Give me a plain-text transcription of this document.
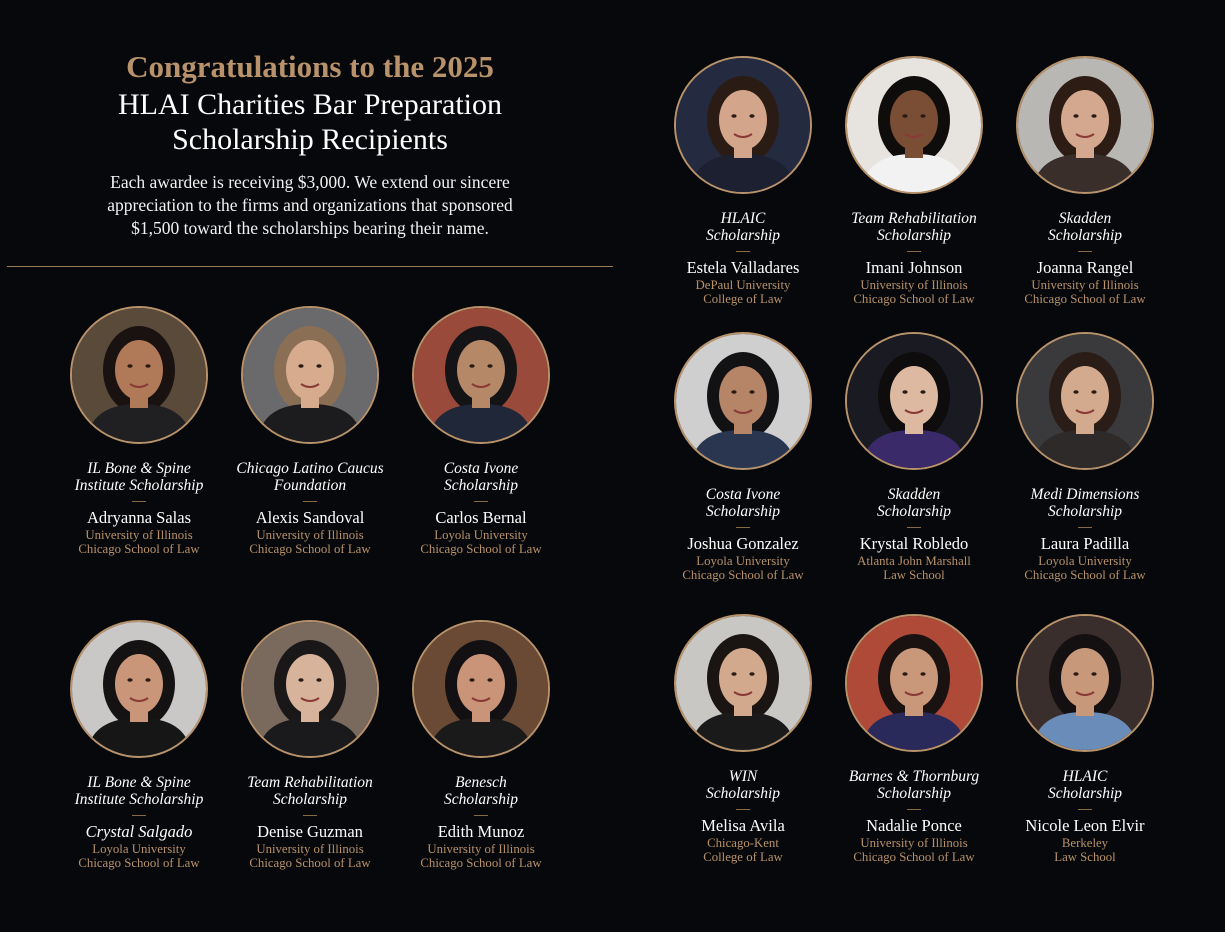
Congratulations to the 2025
HLAI Charities Bar Preparation
Scholarship Recipients
Each awardee is receiving $3,000. We extend our sincere
appreciation to the firms and organizations that sponsored
$1,500 toward the scholarships bearing their name.
IL Bone & Spine
Institute Scholarship
Adryanna Salas
University of Illinois
Chicago School of Law
Chicago Latino Caucus
Foundation
Alexis Sandoval
University of Illinois
Chicago School of Law
Costa Ivone
Scholarship
Carlos Bernal
Loyola University
Chicago School of Law
IL Bone & Spine
Institute Scholarship
Crystal Salgado
Loyola University
Chicago School of Law
Team Rehabilitation
Scholarship
Denise Guzman
University of Illinois
Chicago School of Law
Benesch
Scholarship
Edith Munoz
University of Illinois
Chicago School of Law
HLAIC
Scholarship
Estela Valladares
DePaul University
College of Law
Team Rehabilitation
Scholarship
Imani Johnson
University of Illinois
Chicago School of Law
Skadden
Scholarship
Joanna Rangel
University of Illinois
Chicago School of Law
Costa Ivone
Scholarship
Joshua Gonzalez
Loyola University
Chicago School of Law
Skadden
Scholarship
Krystal Robledo
Atlanta John Marshall
Law School
Medi Dimensions
Scholarship
Laura Padilla
Loyola University
Chicago School of Law
WIN
Scholarship
Melisa Avila
Chicago-Kent
College of Law
Barnes & Thornburg
Scholarship
Nadalie Ponce
University of Illinois
Chicago School of Law
HLAIC
Scholarship
Nicole Leon Elvir
Berkeley
Law School
